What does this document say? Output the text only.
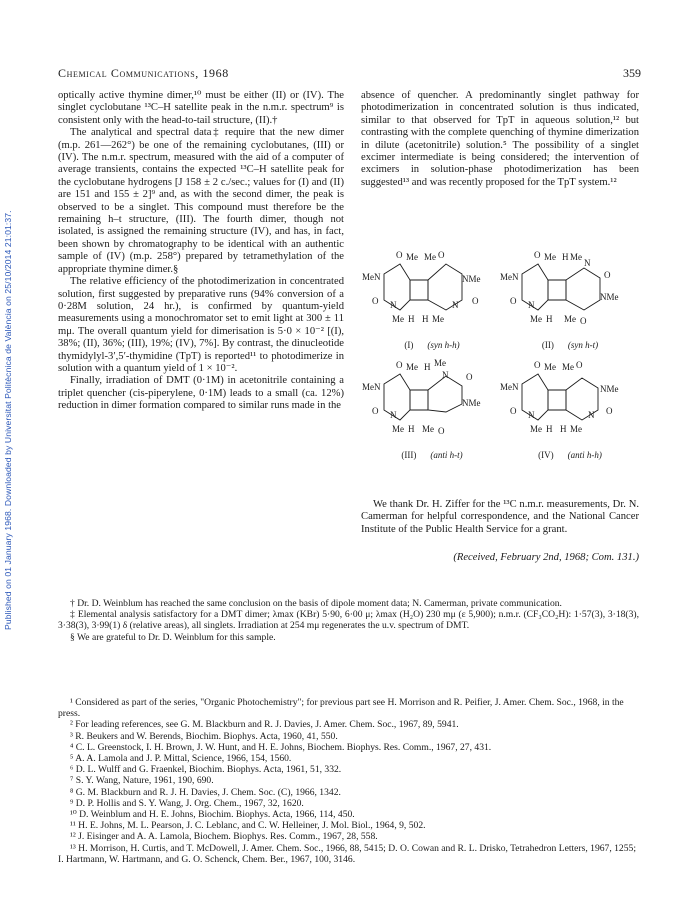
Published on 01 January 1968. Downloaded by Universitat Politècnica de València on 25/10/2014 21:01:37.
Chemical Communications, 1968	359

optically active thymine dimer,¹⁰ must be either (II) or (IV). The singlet cyclobutane ¹³C–H satellite peak in the n.m.r. spectrum⁹ is consistent only with the head-to-tail structure, (II).†

The analytical and spectral data‡ require that the new dimer (m.p. 261—262°) be one of the remaining cyclobutanes, (III) or (IV). The n.m.r. spectrum, measured with the aid of a computer of average transients, contains the expected ¹³C–H satellite peak for the cyclobutane hydrogens [J 158 ± 2 c./sec.; values for (I) and (II) are 151 and 155 ± 2]⁹ and, as with the second dimer, the peak is observed to be a singlet. This compound must therefore be the remaining h–t structure, (III). The fourth dimer, though not isolated, is assigned the remaining structure (IV), and has, in fact, been shown by chromatography to be identical with an authentic sample of (IV) (m.p. 258°) prepared by tetramethylation of the appropriate thymine dimer.§

The relative efficiency of the photodimerization in concentrated solution, first suggested by preparative runs (94% conversion of a 0·28M solution, 24 hr.), is confirmed by quantum-yield measurements using a monochromator set to emit light at 300 ± 11 mμ. The overall quantum yield for dimerisation is 5·0 × 10⁻² [(I), 38%; (II), 36%; (III), 19%; (IV), 7%]. By contrast, the dinucleotide thymidylyl-3′,5′-thymidine (TpT) is reported¹¹ to photodimerize in solution with a quantum yield of 1 × 10⁻².

Finally, irradiation of DMT (0·1M) in acetonitrile containing a triplet quencher (cis-piperylene, 0·1M) leads to a small (ca. 12%) reduction in dimer formation compared to similar runs made in the

absence of quencher. A predominantly singlet pathway for photodimerization in concentrated solution is thus indicated, similar to that observed for TpT in aqueous solution,¹² but contrasting with the complete quenching of thymine dimerization in dilute (acetonitrile) solution.⁵ The possibility of a singlet excimer intermediate is being considered; the intervention of excimers in solution-phase photodimerization has been suggested¹³ and was recently proposed for the TpT system.¹²

O Me Me O
MeN	NMe
O N	N O
Me H H Me
(I) (syn h-h)
O Me H Me
N
O
MeN
NMe
O N
Me H Me O
(II) (syn h-t)
O Me H Me
N O
MeN
NMe
O N
Me H Me O
(III) (anti h-t)
O Me Me O
MeN	NMe
O N	N O
Me H H Me
(IV) (anti h-h)

We thank Dr. H. Ziffer for the ¹³C n.m.r. measurements, Dr. N. Camerman for helpful correspondence, and the National Cancer Institute of the Public Health Service for a grant.

(Received, February 2nd, 1968; Com. 131.)

† Dr. D. Weinblum has reached the same conclusion on the basis of dipole moment data; N. Camerman, private communication.

‡ Elemental analysis satisfactory for a DMT dimer; λmax (KBr) 5·90, 6·00 μ; λmax (H₂O) 230 mμ (ε 5,900); n.m.r. (CF₃CO₂H): 1·57(3), 3·18(3), 3·38(3), 3·99(1) δ (relative areas), all singlets. Irradiation at 254 mμ regenerates the u.v. spectrum of DMT.

§ We are grateful to Dr. D. Weinblum for this sample.

¹ Considered as part of the series, "Organic Photochemistry"; for previous part see H. Morrison and R. Peifier, J. Amer. Chem. Soc., 1968, in the press.

² For leading references, see G. M. Blackburn and R. J. Davies, J. Amer. Chem. Soc., 1967, 89, 5941.

³ R. Beukers and W. Berends, Biochim. Biophys. Acta, 1960, 41, 550.

⁴ C. L. Greenstock, I. H. Brown, J. W. Hunt, and H. E. Johns, Biochem. Biophys. Res. Comm., 1967, 27, 431.

⁵ A. A. Lamola and J. P. Mittal, Science, 1966, 154, 1560.

⁶ D. L. Wulff and G. Fraenkel, Biochim. Biophys. Acta, 1961, 51, 332.

⁷ S. Y. Wang, Nature, 1961, 190, 690.

⁸ G. M. Blackburn and R. J. H. Davies, J. Chem. Soc. (C), 1966, 1342.

⁹ D. P. Hollis and S. Y. Wang, J. Org. Chem., 1967, 32, 1620.

¹⁰ D. Weinblum and H. E. Johns, Biochim. Biophys. Acta, 1966, 114, 450.

¹¹ H. E. Johns, M. L. Pearson, J. C. Leblanc, and C. W. Helleiner, J. Mol. Biol., 1964, 9, 502.

¹² J. Eisinger and A. A. Lamola, Biochem. Biophys. Res. Comm., 1967, 28, 558.

¹³ H. Morrison, H. Curtis, and T. McDowell, J. Amer. Chem. Soc., 1966, 88, 5415; D. O. Cowan and R. L. Drisko, Tetrahedron Letters, 1967, 1255; I. Hartmann, W. Hartmann, and G. O. Schenck, Chem. Ber., 1967, 100, 3146.
